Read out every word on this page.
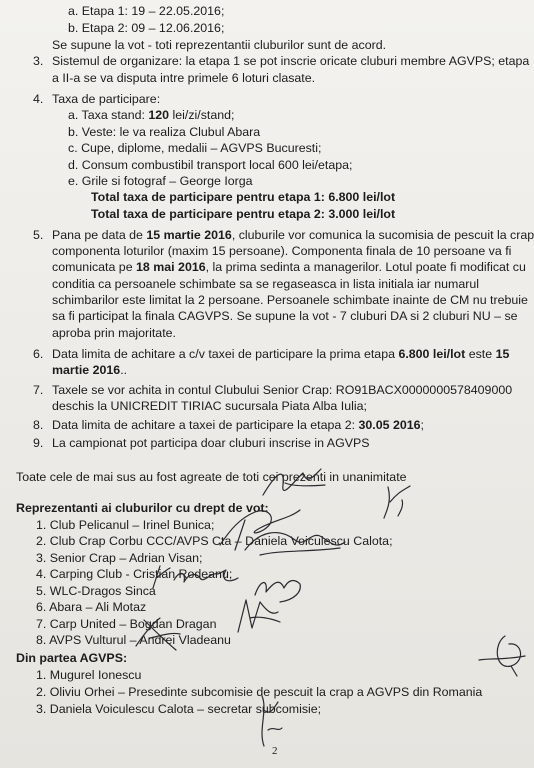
a. Etapa 1: 19 – 22.05.2016;
b. Etapa 2: 09 – 12.06.2016;
Se supune la vot - toti reprezentantii cluburilor sunt de acord.
3. Sistemul de organizare: la etapa 1 se pot inscrie oricate cluburi membre AGVPS; etapa
a II-a se va disputa intre primele 6 loturi clasate.
4. Taxa de participare:
a. Taxa stand: 120 lei/zi/stand;
b. Veste: le va realiza Clubul Abara
c. Cupe, diplome, medalii – AGVPS Bucuresti;
d. Consum combustibil transport local 600 lei/etapa;
e. Grile si fotograf – George Iorga
Total taxa de participare pentru etapa 1: 6.800 lei/lot
Total taxa de participare pentru etapa 2: 3.000 lei/lot
5. Pana pe data de 15 martie 2016, cluburile vor comunica la sucomisia de pescuit la crap
componenta loturilor (maxim 15 persoane). Componenta finala de 10 persoane va fi
comunicata pe 18 mai 2016, la prima sedinta a managerilor. Lotul poate fi modificat cu
conditia ca persoanele schimbate sa se regaseasca in lista initiala iar numarul
schimbarilor este limitat la 2 persoane. Persoanele schimbate inainte de CM nu trebuie
sa fi participat la finala CAGVPS. Se supune la vot - 7 cluburi DA si 2 cluburi NU – se
aproba prin majoritate.
6. Data limita de achitare a c/v taxei de participare la prima etapa 6.800 lei/lot este 15
martie 2016..
7. Taxele se vor achita in contul Clubului Senior Crap: RO91BACX0000000578409000
deschis la UNICREDIT TIRIAC sucursala Piata Alba Iulia;
8. Data limita de achitare a taxei de participare la etapa 2: 30.05 2016;
9. La campionat pot participa doar cluburi inscrise in AGVPS
Toate cele de mai sus au fost agreate de toti cei prezenti in unanimitate
Reprezentanti ai cluburilor cu drept de vot:
1. Club Pelicanul – Irinel Bunica;
2. Club Crap Corbu CCC/AVPS Cta – Daniela Voiculescu Calota;
3. Senior Crap – Adrian Visan;
4. Carping Club - Cristian Rodeanu;
5. WLC-Dragos Sinca
6. Abara – Ali Motaz
7. Carp United – Bogdan Dragan
8. AVPS Vulturul – Andrei Vladeanu
Din partea AGVPS:
1. Mugurel Ionescu
2. Oliviu Orhei – Presedinte subcomisie de pescuit la crap a AGVPS din Romania
3. Daniela Voiculescu Calota – secretar subcomisie;
2
